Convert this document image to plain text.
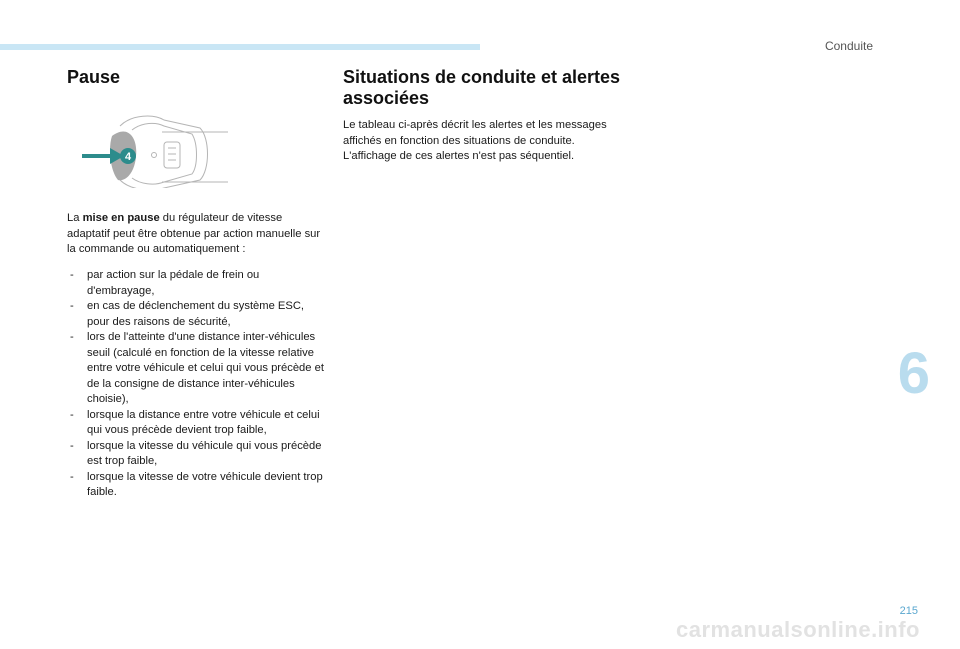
Conduite
Pause
4

La mise en pause du régulateur de vitesse adaptatif peut être obtenue par action manuelle sur la commande ou automatiquement :

- par action sur la pédale de frein ou d'embrayage,
- en cas de déclenchement du système ESC, pour des raisons de sécurité,
- lors de l'atteinte d'une distance inter-véhicules seuil (calculé en fonction de la vitesse relative entre votre véhicule et celui qui vous précède et de la consigne de distance inter-véhicules choisie),
- lorsque la distance entre votre véhicule et celui qui vous précède devient trop faible,
- lorsque la vitesse du véhicule qui vous précède est trop faible,
- lorsque la vitesse de votre véhicule devient trop faible.
Situations de conduite et alertes associées

Le tableau ci-après décrit les alertes et les messages affichés en fonction des situations de conduite.
L'affichage de ces alertes n'est pas séquentiel.

6
215
carmanualsonline.info
